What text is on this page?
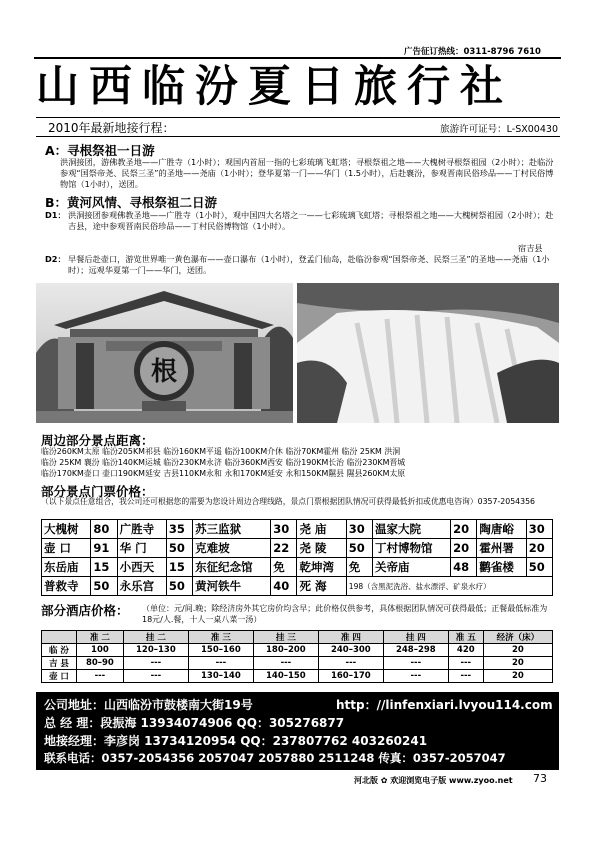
广告征订热线：0311-8796 7610
山西临汾夏日旅行社
2010年最新地接行程：	旅游许可证号：L-SX00430
A：寻根祭祖一日游
洪洞接团，游佛教圣地——广胜寺（1小时）；观国内首屈一指的七彩琉璃飞虹塔；寻根祭祖之地——大槐树寻根祭祖园（2小时）；赴临汾参观“国祭帝尧、民祭三圣”的圣地——尧庙（1小时）；登华夏第一门——华门（1.5小时），后赴襄汾，参观晋南民俗珍品——丁村民俗博物馆（1小时），送团。
B：黄河风情、寻根祭祖二日游
D1： 洪洞接团参观佛教圣地——广胜寺（1小时），观中国四大名塔之一——七彩琉璃飞虹塔；寻根祭祖之地——大槐树祭祖园（2小时）；赴吉县，途中参观晋南民俗珍品——丁村民俗博物馆（1小时）。
宿吉县
D2： 早餐后赴壶口，游览世界唯一黄色瀑布——壶口瀑布（1小时），登孟门仙岛，赴临汾参观“国祭帝尧、民祭三圣”的圣地——尧庙（1小时）；远观华夏第一门——华门，送团。
根
周边部分景点距离：
临汾260KM太原 临汾205KM祁县 临汾160KM平遥 临汾100KM介休 临汾70KM霍州 临汾 25KM 洪洞
临汾 25KM 襄汾 临汾140KM运城 临汾230KM永济 临汾360KM西安 临汾190KM长治 临汾230KM晋城
临汾170KM壶口 壶口190KM延安 吉县110KM永和 永和170KM延安 永和150KM隰县 隰县260KM太原
部分景点门票价格：
（以下景点任意组合，我公司还可根据您的需要为您设计周边合理线路，景点门票根据团队情况可获得最低折扣或优惠电咨询）0357-2054356
大槐树	80	广胜寺	35	苏三监狱	30	尧 庙	30	温家大院	20	陶唐峪	30
壶 口	91	华 门	50	克难坡	22	尧 陵	50	丁村博物馆	20	霍州署	20
东岳庙	15	小西天	15	东征纪念馆	免	乾坤湾	免	关帝庙	48	鹳雀楼	50
普救寺	50	永乐宫	50	黄河铁牛	40	死 海	198（含黑泥洗浴、盐水漂浮、矿泉水疗）				
部分酒店价格： （单位：元/间.晚；除经济房外其它房价均含早；此价格仅供参考，具体根据团队情况可获得最低；正餐最低标准为18元/人.餐，十人一桌八菜一汤）
	准 二	挂 二	准 三	挂 三	准 四	挂 四	准 五	经济（床）
临 汾	100	120–130	150–160	180–200	240–300	248–298	420	20
吉 县	80–90	---	---	---	---	---	---	20
壶 口	---	---	130–140	140–150	160–170	---	---	20
公司地址：山西临汾市鼓楼南大街19号	http：//linfenxiari.lvyou114.com
总 经 理：段振海 13934074906 QQ：305276877
地接经理：李彦岗 13734120954 QQ：237807762 403260241
联系电话：0357-2054356 2057047 2057880 2511248 传真：0357-2057047
河北版 ✿ 欢迎浏览电子版 www.zyoo.net 73
